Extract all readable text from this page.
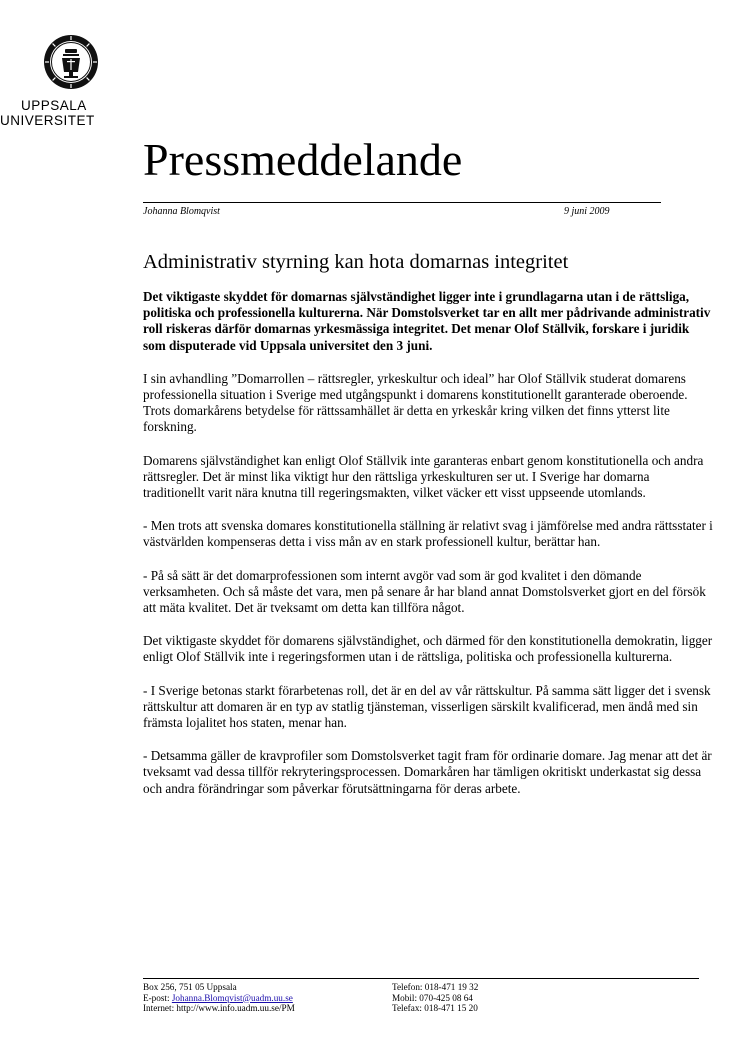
UPPSALA
UNIVERSITET
Pressmeddelande
Johanna Blomqvist	9 juni 2009
Administrativ styrning kan hota domarnas integritet

Det viktigaste skyddet för domarnas självständighet ligger inte i grundlagarna utan i de rättsliga, politiska och professionella kulturerna. När Domstolsverket tar en allt mer pådrivande administrativ roll riskeras därför domarnas yrkesmässiga integritet. Det menar Olof Ställvik, forskare i juridik som disputerade vid Uppsala universitet den 3 juni.

I sin avhandling ”Domarrollen – rättsregler, yrkeskultur och ideal” har Olof Ställvik studerat domarens professionella situation i Sverige med utgångspunkt i domarens konstitutionellt garanterade oberoende. Trots domarkårens betydelse för rättssamhället är detta en yrkeskår kring vilken det finns ytterst lite forskning.

Domarens självständighet kan enligt Olof Ställvik inte garanteras enbart genom konstitutionella och andra rättsregler. Det är minst lika viktigt hur den rättsliga yrkeskulturen ser ut. I Sverige har domarna traditionellt varit nära knutna till regeringsmakten, vilket väcker ett visst uppseende utomlands.

- Men trots att svenska domares konstitutionella ställning är relativt svag i jämförelse med andra rättsstater i västvärlden kompenseras detta i viss mån av en stark professionell kultur, berättar han.

- På så sätt är det domarprofessionen som internt avgör vad som är god kvalitet i den dömande verksamheten. Och så måste det vara, men på senare år har bland annat Domstolsverket gjort en del försök att mäta kvalitet. Det är tveksamt om detta kan tillföra något.

Det viktigaste skyddet för domarens självständighet, och därmed för den konstitutionella demokratin, ligger enligt Olof Ställvik inte i regeringsformen utan i de rättsliga, politiska och professionella kulturerna.

- I Sverige betonas starkt förarbetenas roll, det är en del av vår rättskultur. På samma sätt ligger det i svensk rättskultur att domaren är en typ av statlig tjänsteman, visserligen särskilt kvalificerad, men ändå med sin främsta lojalitet hos staten, menar han.

- Detsamma gäller de kravprofiler som Domstolsverket tagit fram för ordinarie domare. Jag menar att det är tveksamt vad dessa tillför rekryteringsprocessen. Domarkåren har tämligen okritiskt underkastat sig dessa och andra förändringar som påverkar förutsättningarna för deras arbete.

Box 256, 751 05 Uppsala
E-post: Johanna.Blomqvist@uadm.uu.se
Internet: http://www.info.uadm.uu.se/PM
Telefon: 018-471 19 32
Mobil: 070-425 08 64
Telefax: 018-471 15 20
